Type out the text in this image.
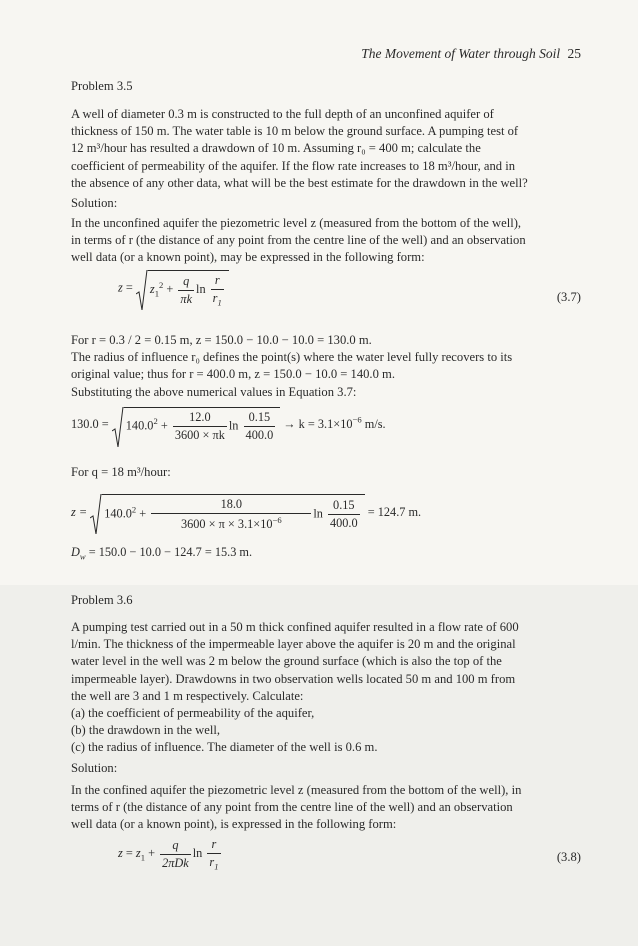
The Movement of Water through Soil 25
Problem 3.5
A well of diameter 0.3 m is constructed to the full depth of an unconfined aquifer of
thickness of 150 m. The water table is 10 m below the ground surface. A pumping test of
12 m³/hour has resulted a drawdown of 10 m. Assuming r₀ = 400 m; calculate the
coefficient of permeability of the aquifer. If the flow rate increases to 18 m³/hour, and in
the absence of any other data, what will be the best estimate for the drawdown in the well?
Solution:
In the unconfined aquifer the piezometric level z (measured from the bottom of the well),
in terms of r (the distance of any point from the centre line of the well) and an observation
well data (or a known point), may be expressed in the following form:
z =
$z_1^2 + \frac{q}{\pi k}$ $\ln \frac{r}{r_1}$	(3.7)
For r = 0.3 / 2 = 0.15 m, z = 150.0 − 10.0 − 10.0 = 130.0 m.
The radius of influence r₀ defines the point(s) where the water level fully recovers to its
original value; thus for r = 400.0 m, z = 150.0 − 10.0 = 140.0 m.
Substituting the above numerical values in Equation 3.7:
$130.0 = 140.0^2 + \frac{12.0}{3600 \times \pi k}$ $\ln \frac{0.15}{400.0} \to k = 3.1\times 10^{-6}$ m/s.
For q = 18 m³/hour:
$z = 140.0^2 + \frac{18.0}{3600 \times \pi \times 3.1\times 10^{-6}}$ $\ln \frac{0.15}{400.0} = 124.7$ m.
$D_w = 150.0 - 10.0 - 124.7 = 15.3$ m.
Problem 3.6
A pumping test carried out in a 50 m thick confined aquifer resulted in a flow rate of 600
l/min. The thickness of the impermeable layer above the aquifer is 20 m and the original
water level in the well was 2 m below the ground surface (which is also the top of the
impermeable layer). Drawdowns in two observation wells located 50 m and 100 m from
the well are 3 and 1 m respectively. Calculate:
(a) the coefficient of permeability of the aquifer,
(b) the drawdown in the well,
(c) the radius of influence. The diameter of the well is 0.6 m.
Solution:
In the confined aquifer the piezometric level z (measured from the bottom of the well), in
terms of r (the distance of any point from the centre line of the well) and an observation
well data (or a known point), is expressed in the following form:
$z = z_1 + \frac{q}{\text{2πDk}}$ $\ln \frac{r}{r_1}$	(3.8)
